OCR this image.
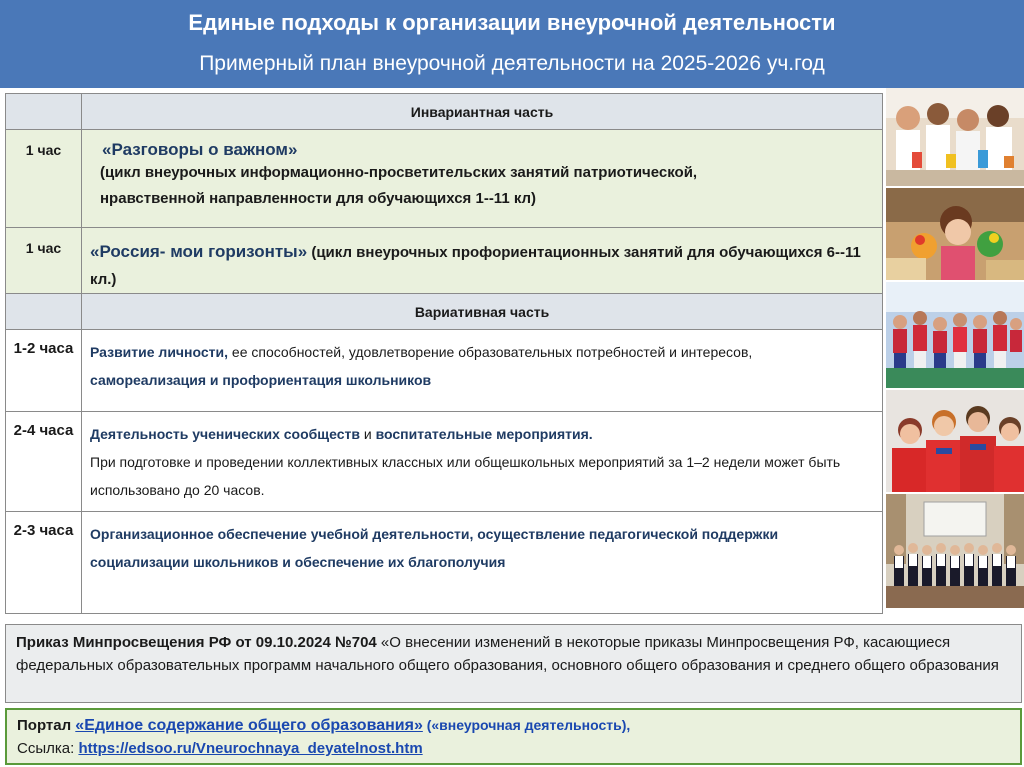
Единые подходы к организации внеурочной деятельности
Примерный план внеурочной деятельности на 2025-2026 уч.год
	Инвариантная часть
1 час	«Разговоры о важном»
(цикл внеурочных информационно-просветительских занятий патриотической,
нравственной направленности для обучающихся 1--11 кл)

1 час	«Россия- мои горизонты» (цикл внеурочных профориентационных занятий для обучающихся 6--11 кл.)
	Вариативная часть
1-2 часа	Развитие личности, ее способностей, удовлетворение образовательных потребностей и интересов, самореализация и профориентация школьников
2-4 часа	Деятельность ученических сообществ и воспитательные мероприятия.
При подготовке и проведении коллективных классных или общешкольных мероприятий за 1–2 недели может быть использовано до 20 часов.

2-3 часа	Организационное обеспечение учебной деятельности, осуществление педагогической поддержки социализации школьников и обеспечение их благополучия
Приказ Минпросвещения РФ от 09.10.2024 №704 «О внесении изменений в некоторые приказы Минпросвещения РФ, касающиеся федеральных образовательных программ начального общего образования, основного общего образования и среднего общего образования
Портал «Единое содержание общего образования» («внеурочная деятельность),
Ссылка: https://edsoo.ru/Vneurochnaya_deyatelnost.htm
